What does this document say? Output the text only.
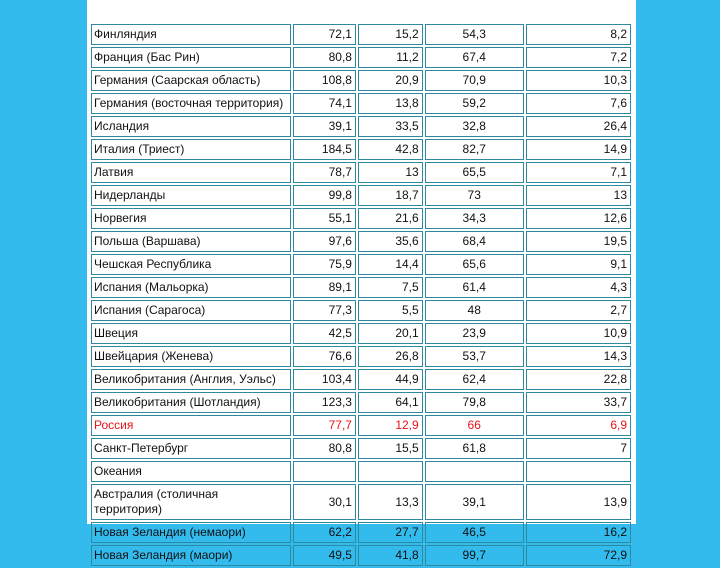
Финляндия	72,1	15,2	54,3	8,2
Франция (Бас Рин)	80,8	11,2	67,4	7,2
Германия (Саарская область)	108,8	20,9	70,9	10,3
Германия (восточная территория)	74,1	13,8	59,2	7,6
Исландия	39,1	33,5	32,8	26,4
Италия (Триест)	184,5	42,8	82,7	14,9
Латвия	78,7	13	65,5	7,1
Нидерланды	99,8	18,7	73	13
Норвегия	55,1	21,6	34,3	12,6
Польша (Варшава)	97,6	35,6	68,4	19,5
Чешская Республика	75,9	14,4	65,6	9,1
Испания (Мальорка)	89,1	7,5	61,4	4,3
Испания (Сарагоса)	77,3	5,5	48	2,7
Швеция	42,5	20,1	23,9	10,9
Швейцария (Женева)	76,6	26,8	53,7	14,3
Великобритания (Англия, Уэльс)	103,4	44,9	62,4	22,8
Великобритания (Шотландия)	123,3	64,1	79,8	33,7
Россия	77,7	12,9	66	6,9
Санкт-Петербург	80,8	15,5	61,8	7
Океания				
Австралия (столичная территория)	30,1	13,3	39,1	13,9
Новая Зеландия (немаори)	62,2	27,7	46,5	16,2
Новая Зеландия (маори)	49,5	41,8	99,7	72,9
